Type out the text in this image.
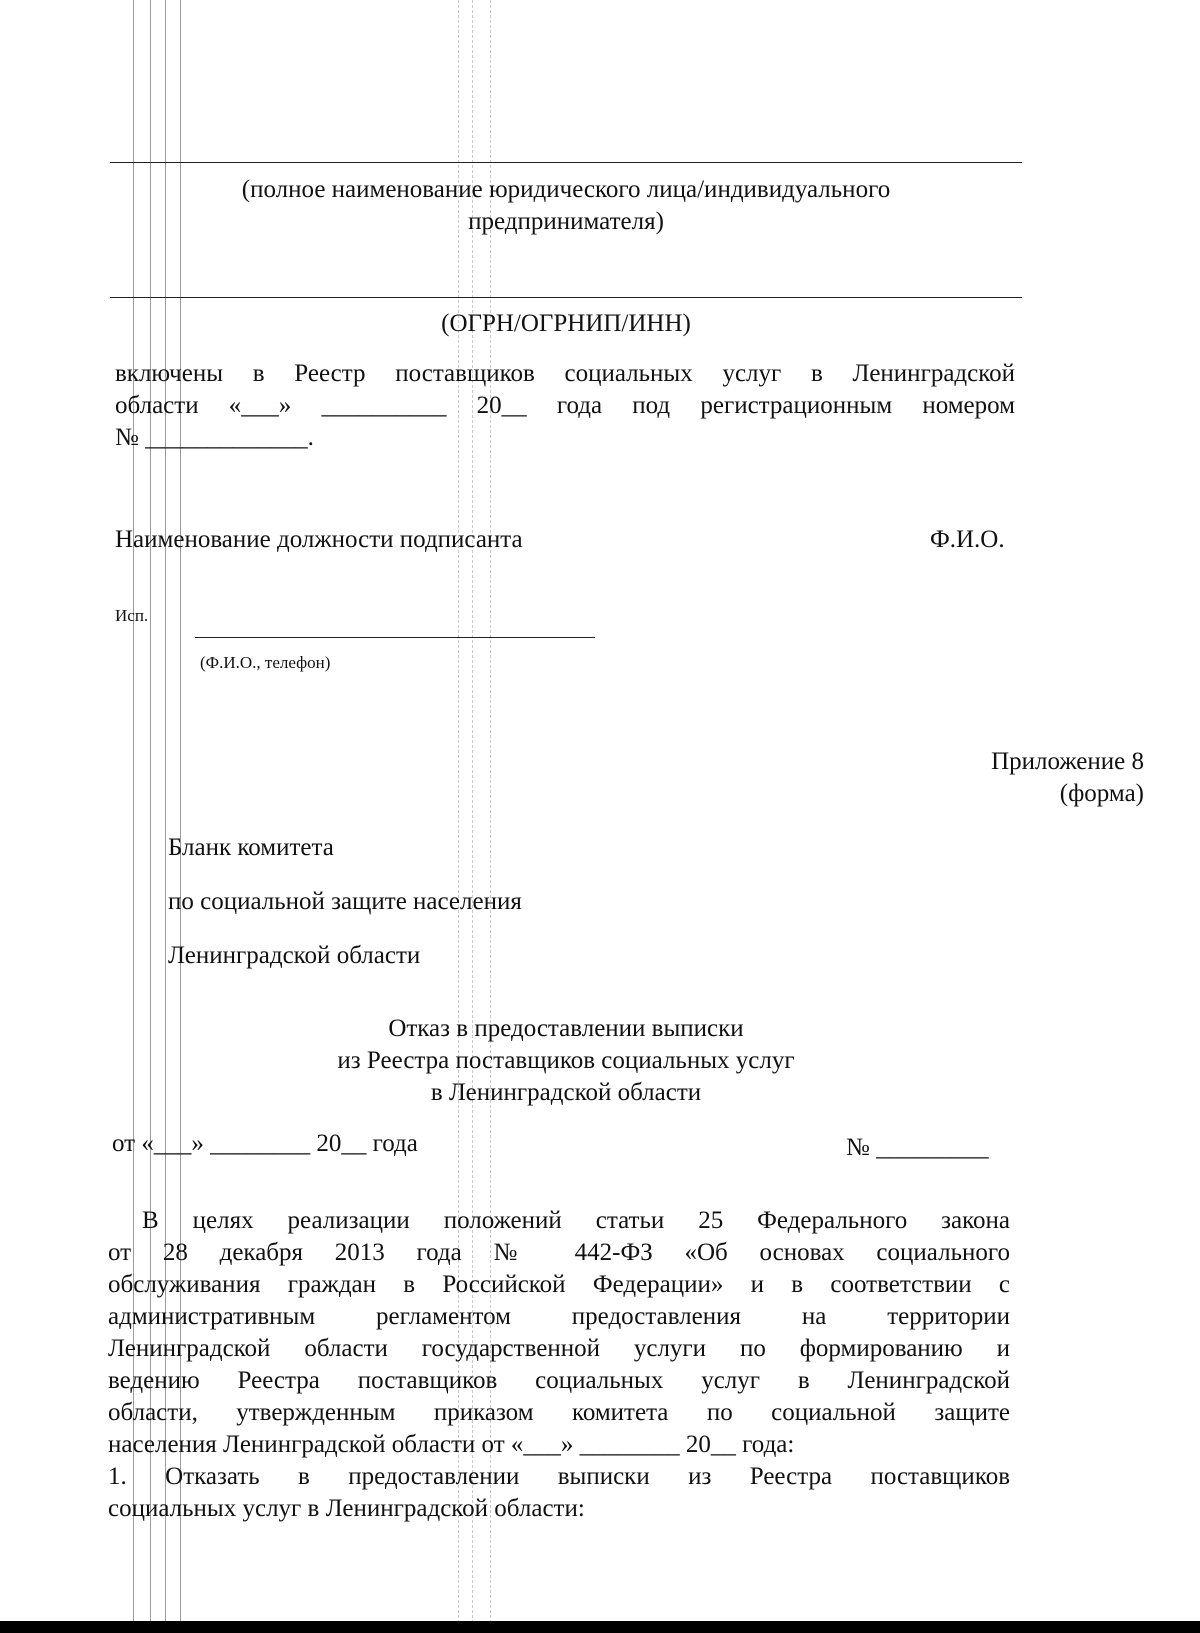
(полное наименование юридического лица/индивидуального
предпринимателя)
(ОГРН/ОГРНИП/ИНН)
включены в Реестр поставщиков социальных услуг в Ленинградской
области «___» __________ 20__ года под регистрационным номером
№ _____________.
Наименование должности подписанта	Ф.И.О.
Исп.
(Ф.И.О., телефон)
Приложение 8
(форма)
Бланк комитета
по социальной защите населения
Ленинградской области
Отказ в предоставлении выписки
из Реестра поставщиков социальных услуг
в Ленинградской области
от «___» ________ 20__ года	№ _________
В целях реализации положений статьи 25 Федерального закона
от 28 декабря 2013 года № 442-ФЗ «Об основах социального
обслуживания граждан в Российской Федерации» и в соответствии с
административным регламентом предоставления на территории
Ленинградской области государственной услуги по формированию и
ведению Реестра поставщиков социальных услуг в Ленинградской
области, утвержденным приказом комитета по социальной защите
населения Ленинградской области от «___» ________ 20__ года:
1. Отказать в предоставлении выписки из Реестра поставщиков
социальных услуг в Ленинградской области:
